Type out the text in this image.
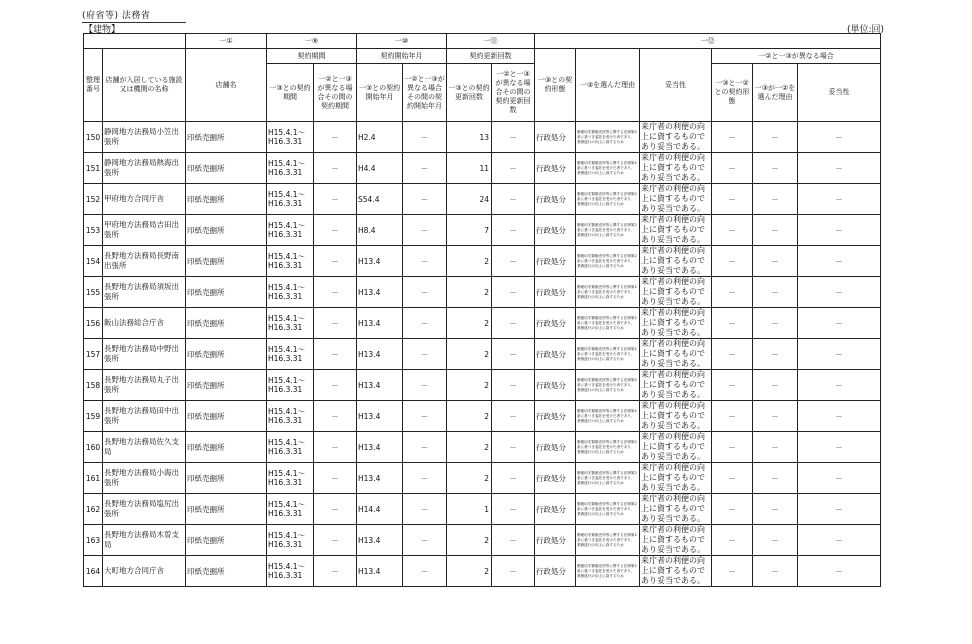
(府省等) 法務省
【建物】	(単位:回)
		一①	一⑨		一⑩		一⑪		一⑫					
整理番号	店舗が入居している施設又は機関の名称	店舗名	契約期間		契約開始年月		契約更新回数		一③との契約形態	一③を選んだ理由	妥当性	一②と一③が異なる場合		
			一③との契約期間	一②と一③が異なる場合その間の契約期間	一③との契約開始年月	一②と一③が異なる場合その間の契約開始年月	一③との契約更新回数	一②と一③が異なる場合その間の契約更新回数				一③と一②との契約形態	一③が一②を選んだ理由	妥当性
150	静岡地方法務局小笠出張所	印紙売捌所	H15.4.1～H16.3.31	－	H2.4	－	13	－	行政処分	郵便切手類販売所等に関する法律第2条に基づき委託を受けた者であり、業務遂行の向上に資するため	来庁者の利便の向上に資するものであり妥当である。	－	－	－
151	静岡地方法務局熱海出張所	印紙売捌所	H15.4.1～H16.3.31	－	H4.4	－	11	－	行政処分	郵便切手類販売所等に関する法律第2条に基づき委託を受けた者であり、業務遂行の向上に資するため	来庁者の利便の向上に資するものであり妥当である。	－	－	－
152	甲府地方合同庁舎	印紙売捌所	H15.4.1～H16.3.31	－	S54.4	－	24	－	行政処分	郵便切手類販売所等に関する法律第2条に基づき委託を受けた者であり、業務遂行の向上に資するため	来庁者の利便の向上に資するものであり妥当である。	－	－	－
153	甲府地方法務局吉田出張所	印紙売捌所	H15.4.1～H16.3.31	－	H8.4	－	7	－	行政処分	郵便切手類販売所等に関する法律第2条に基づき委託を受けた者であり、業務遂行の向上に資するため	来庁者の利便の向上に資するものであり妥当である。	－	－	－
154	長野地方法務局長野南出張所	印紙売捌所	H15.4.1～H16.3.31	－	H13.4	－	2	－	行政処分	郵便切手類販売所等に関する法律第2条に基づき委託を受けた者であり、業務遂行の向上に資するため	来庁者の利便の向上に資するものであり妥当である。	－	－	－
155	長野地方法務局須坂出張所	印紙売捌所	H15.4.1～H16.3.31	－	H13.4	－	2	－	行政処分	郵便切手類販売所等に関する法律第2条に基づき委託を受けた者であり、業務遂行の向上に資するため	来庁者の利便の向上に資するものであり妥当である。	－	－	－
156	飯山法務総合庁舎	印紙売捌所	H15.4.1～H16.3.31	－	H13.4	－	2	－	行政処分	郵便切手類販売所等に関する法律第2条に基づき委託を受けた者であり、業務遂行の向上に資するため	来庁者の利便の向上に資するものであり妥当である。	－	－	－
157	長野地方法務局中野出張所	印紙売捌所	H15.4.1～H16.3.31	－	H13.4	－	2	－	行政処分	郵便切手類販売所等に関する法律第2条に基づき委託を受けた者であり、業務遂行の向上に資するため	来庁者の利便の向上に資するものであり妥当である。	－	－	－
158	長野地方法務局丸子出張所	印紙売捌所	H15.4.1～H16.3.31	－	H13.4	－	2	－	行政処分	郵便切手類販売所等に関する法律第2条に基づき委託を受けた者であり、業務遂行の向上に資するため	来庁者の利便の向上に資するものであり妥当である。	－	－	－
159	長野地方法務局田中出張所	印紙売捌所	H15.4.1～H16.3.31	－	H13.4	－	2	－	行政処分	郵便切手類販売所等に関する法律第2条に基づき委託を受けた者であり、業務遂行の向上に資するため	来庁者の利便の向上に資するものであり妥当である。	－	－	－
160	長野地方法務局佐久支局	印紙売捌所	H15.4.1～H16.3.31	－	H13.4	－	2	－	行政処分	郵便切手類販売所等に関する法律第2条に基づき委託を受けた者であり、業務遂行の向上に資するため	来庁者の利便の向上に資するものであり妥当である。	－	－	－
161	長野地方法務局小海出張所	印紙売捌所	H15.4.1～H16.3.31	－	H13.4	－	2	－	行政処分	郵便切手類販売所等に関する法律第2条に基づき委託を受けた者であり、業務遂行の向上に資するため	来庁者の利便の向上に資するものであり妥当である。	－	－	－
162	長野地方法務局塩尻出張所	印紙売捌所	H15.4.1～H16.3.31	－	H14.4	－	1	－	行政処分	郵便切手類販売所等に関する法律第2条に基づき委託を受けた者であり、業務遂行の向上に資するため	来庁者の利便の向上に資するものであり妥当である。	－	－	－
163	長野地方法務局木曽支局	印紙売捌所	H15.4.1～H16.3.31	－	H13.4	－	2	－	行政処分	郵便切手類販売所等に関する法律第2条に基づき委託を受けた者であり、業務遂行の向上に資するため	来庁者の利便の向上に資するものであり妥当である。	－	－	－
164	大町地方合同庁舎	印紙売捌所	H15.4.1～H16.3.31	－	H13.4	－	2	－	行政処分	郵便切手類販売所等に関する法律第2条に基づき委託を受けた者であり、業務遂行の向上に資するため	来庁者の利便の向上に資するものであり妥当である。	－	－	－
